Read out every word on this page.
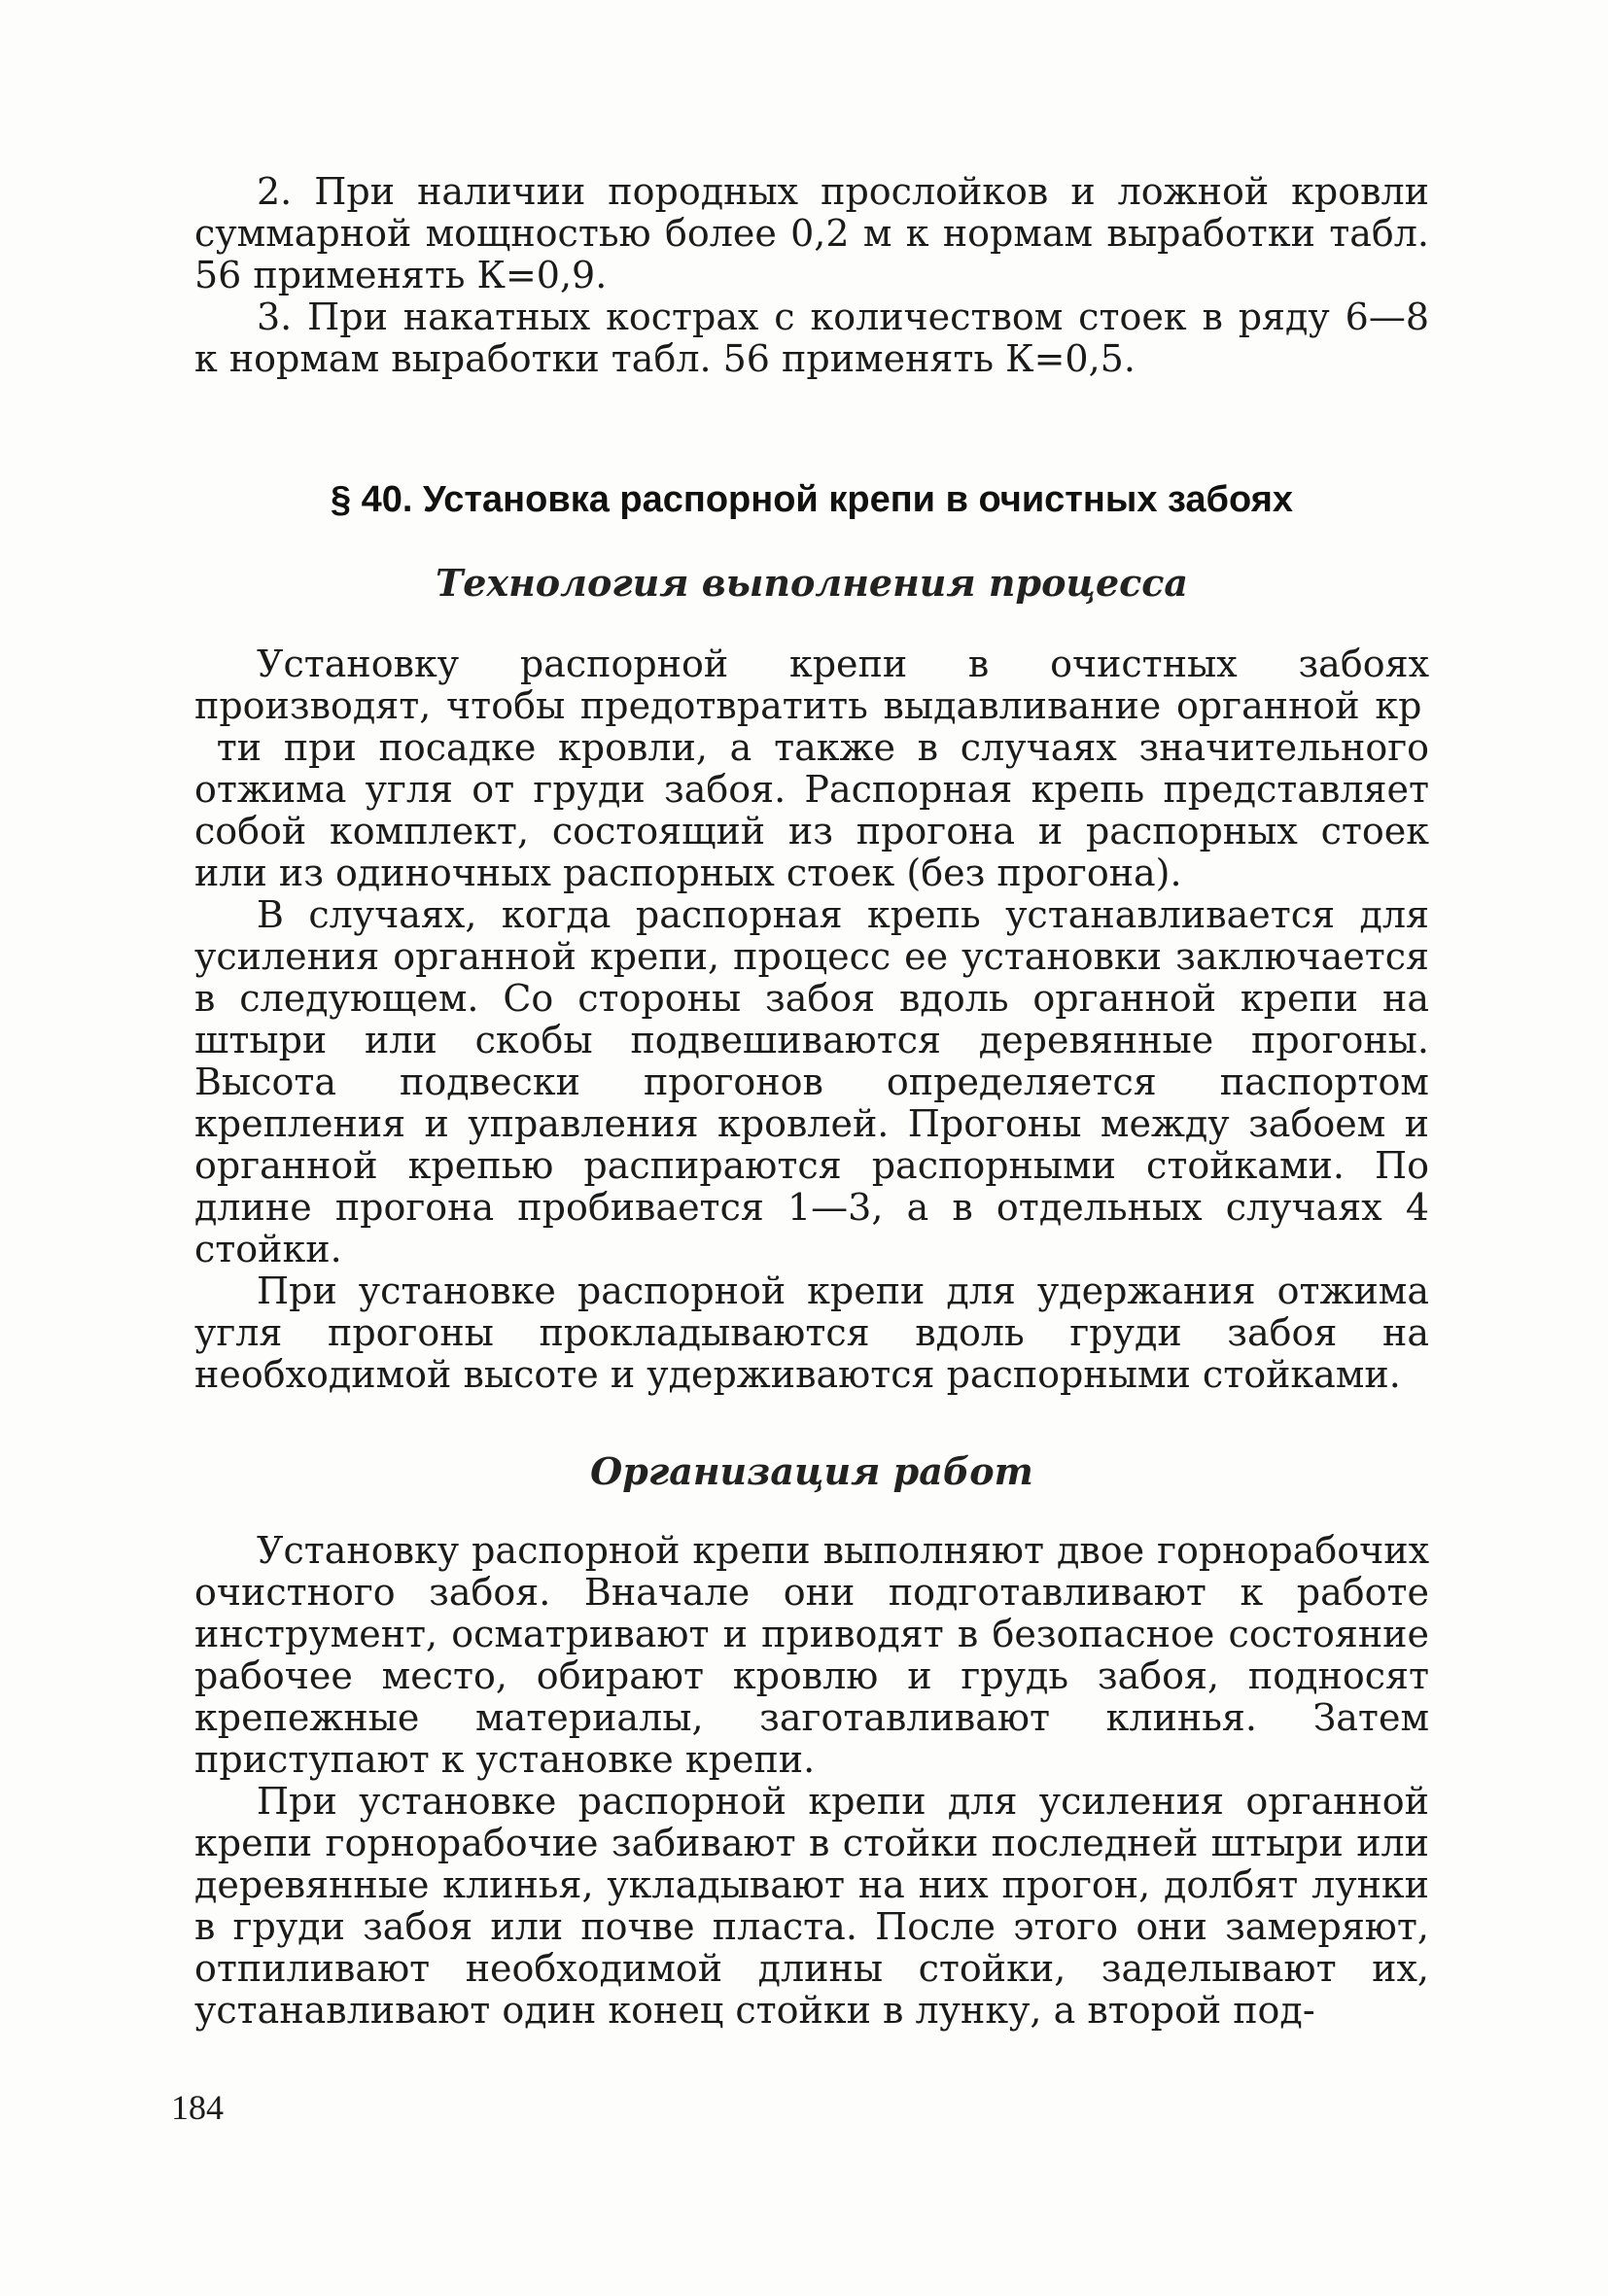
2. При наличии породных прослойков и ложной кровли суммарной мощностью более 0,2 м к нормам выработки табл. 56 применять К=0,9.

3. При накатных кострах с количеством стоек в ряду 6—8 к нормам выработки табл. 56 применять К=0,5.

§ 40. Установка распорной крепи в очистных забоях
Технология выполнения процесса

Установку распорной крепи в очистных забоях производят, чтобы предотвратить выдавливание органной кр  ти при посадке кровли, а также в случаях значительного отжима угля от груди забоя. Распорная крепь представляет собой комплект, состоящий из прогона и распорных стоек или из одиночных распорных стоек (без прогона).

В случаях, когда распорная крепь устанавливается для усиления органной крепи, процесс ее установки заключается в следующем. Со стороны забоя вдоль органной крепи на штыри или скобы подвешиваются деревянные прогоны. Высота подвески прогонов определяется паспортом крепления и управления кровлей. Прогоны между забоем и органной крепью распираются распорными стойками. По длине прогона пробивается 1—3, а в отдельных случаях 4 стойки.

При установке распорной крепи для удержания отжима угля прогоны прокладываются вдоль груди забоя на необходимой высоте и удерживаются распорными стойками.

Организация работ

Установку распорной крепи выполняют двое горнорабочих очистного забоя. Вначале они подготавливают к работе инструмент, осматривают и приводят в безопасное состояние рабочее место, обирают кровлю и грудь забоя, подносят крепежные материалы, заготавливают клинья. Затем приступают к установке крепи.

При установке распорной крепи для усиления органной крепи горнорабочие забивают в стойки последней штыри или деревянные клинья, укладывают на них прогон, долбят лунки в груди забоя или почве пласта. После этого они замеряют, отпиливают необходимой длины стойки, заделывают их, устанавливают один конец стойки в лунку, а второй под-

184
